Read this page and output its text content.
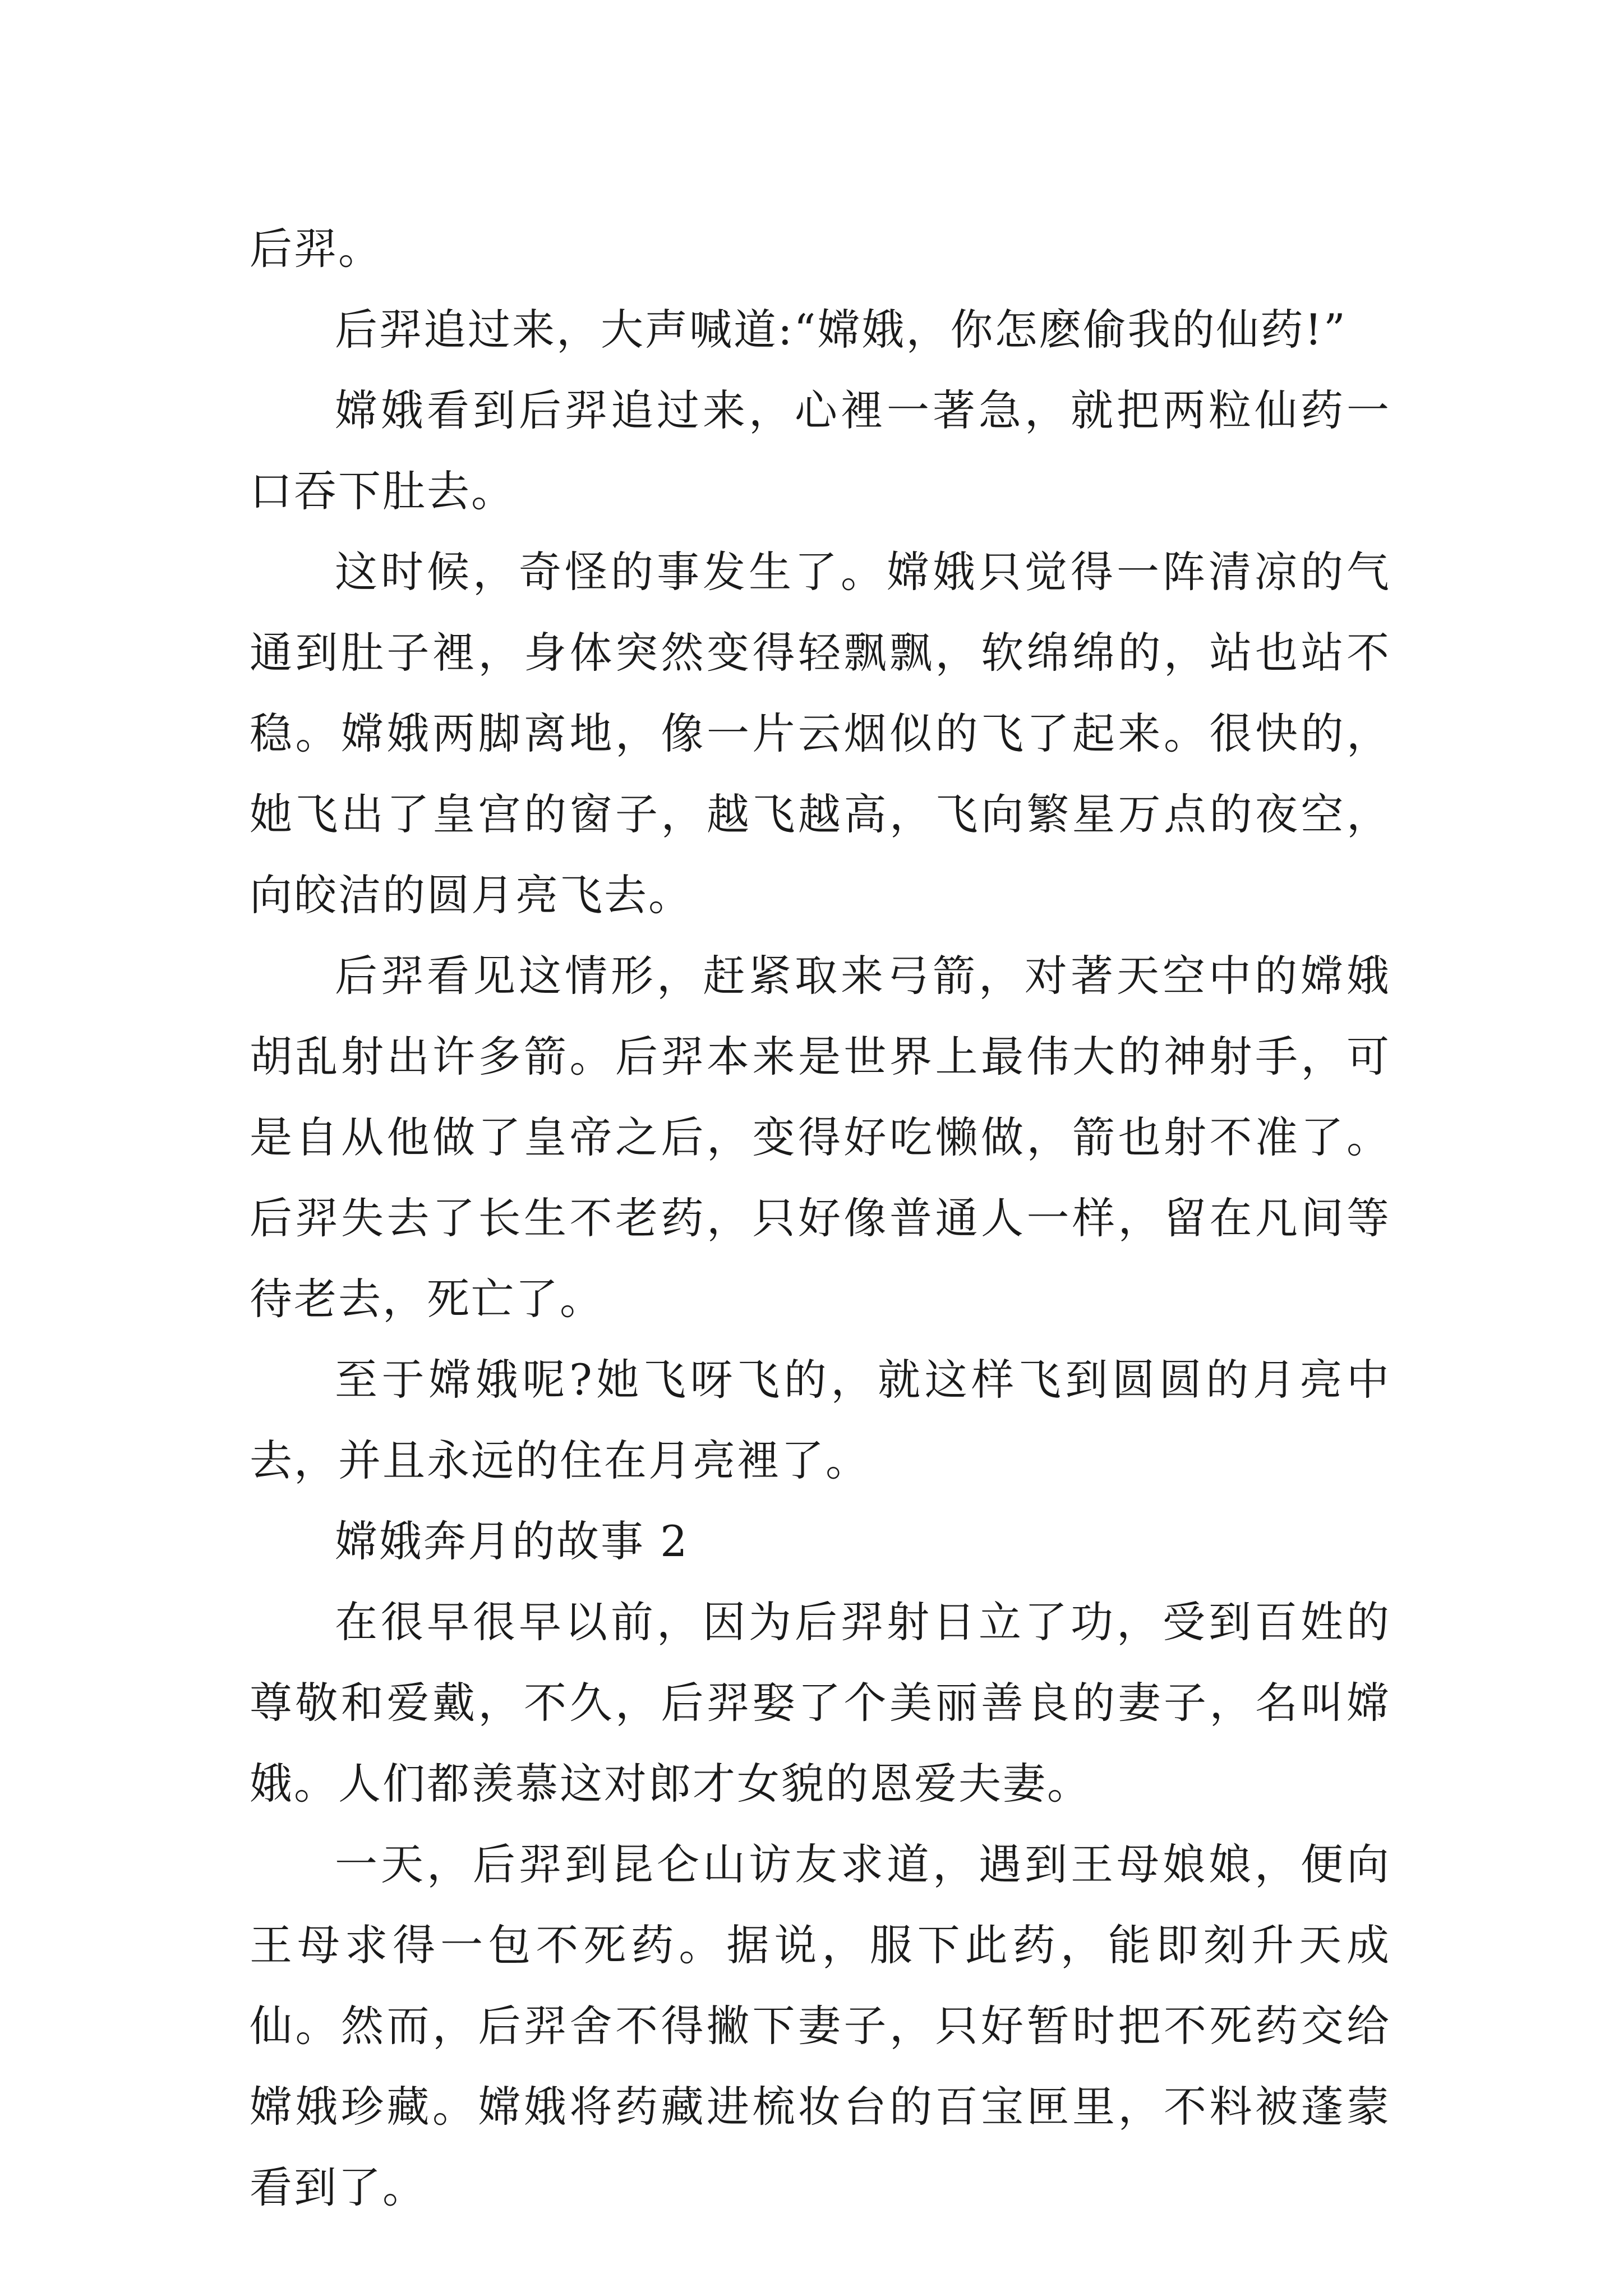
后羿。

后羿追过来，大声喊道:“嫦娥，你怎麽偷我的仙药!”

嫦娥看到后羿追过来，心裡一著急，就把两粒仙药一口吞下肚去。

这时候，奇怪的事发生了。嫦娥只觉得一阵清凉的气通到肚子裡，身体突然变得轻飘飘，软绵绵的，站也站不稳。嫦娥两脚离地，像一片云烟似的飞了起来。很快的，她飞出了皇宫的窗子，越飞越高，飞向繁星万点的夜空，向皎洁的圆月亮飞去。

后羿看见这情形，赶紧取来弓箭，对著天空中的嫦娥胡乱射出许多箭。后羿本来是世界上最伟大的神射手，可是自从他做了皇帝之后，变得好吃懒做，箭也射不准了。后羿失去了长生不老药，只好像普通人一样，留在凡间等待老去，死亡了。

至于嫦娥呢?她飞呀飞的，就这样飞到圆圆的月亮中去，并且永远的住在月亮裡了。

嫦娥奔月的故事 2

在很早很早以前，因为后羿射日立了功，受到百姓的尊敬和爱戴，不久，后羿娶了个美丽善良的妻子，名叫嫦娥。人们都羡慕这对郎才女貌的恩爱夫妻。

一天，后羿到昆仑山访友求道，遇到王母娘娘，便向王母求得一包不死药。据说，服下此药，能即刻升天成仙。然而，后羿舍不得撇下妻子，只好暂时把不死药交给嫦娥珍藏。嫦娥将药藏进梳妆台的百宝匣里，不料被蓬蒙看到了。
